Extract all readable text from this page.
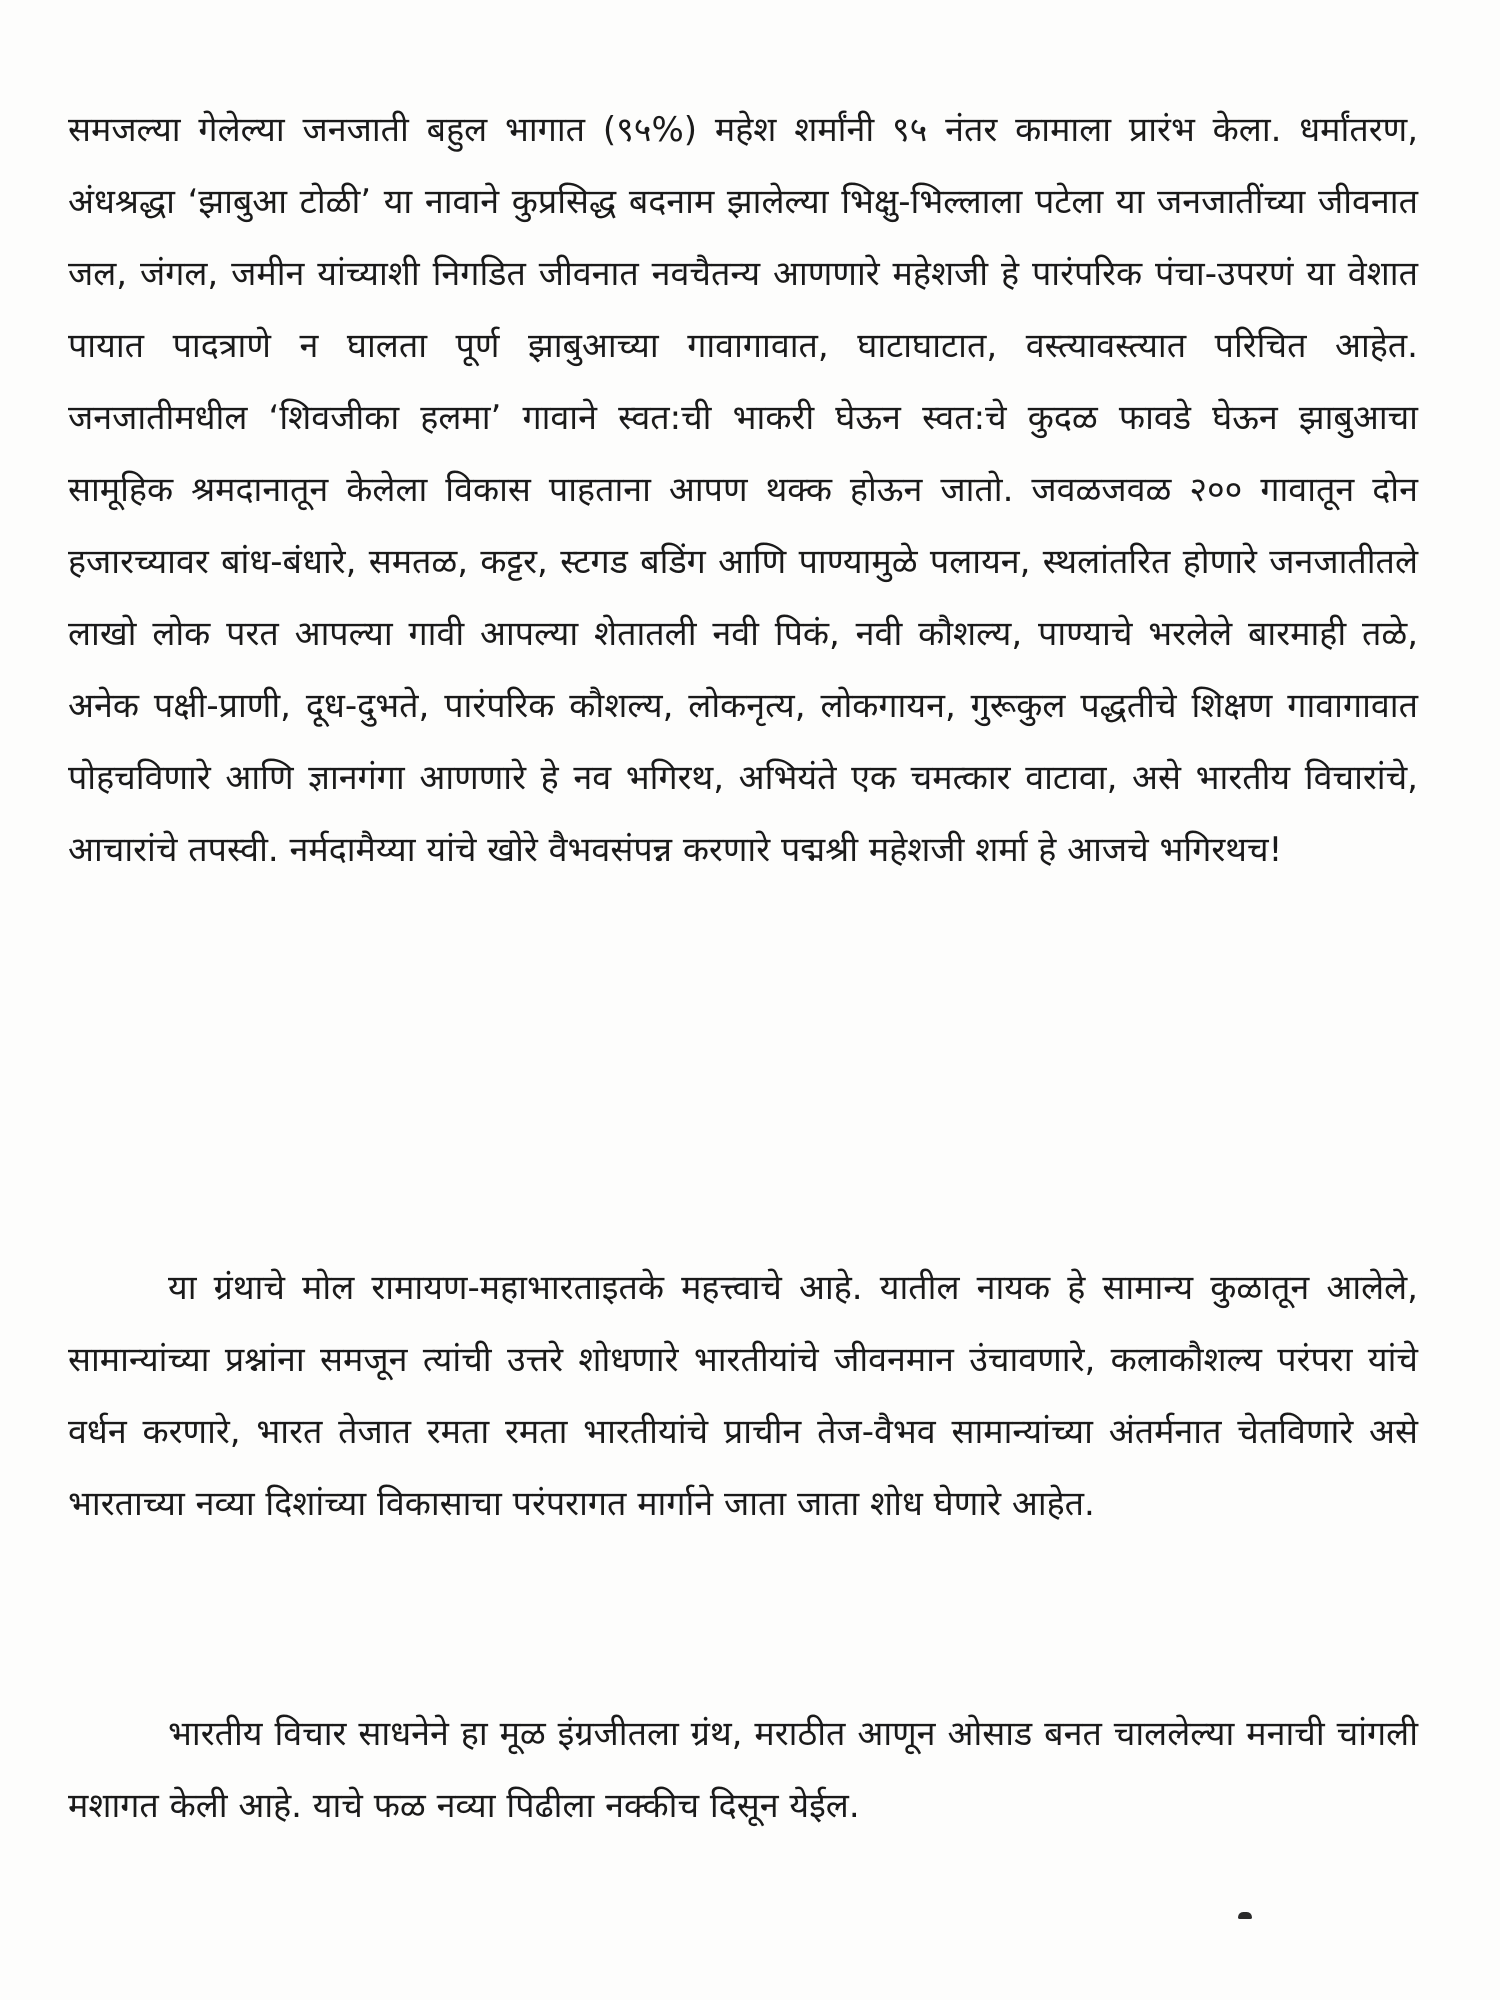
समजल्या गेलेल्या जनजाती बहुल भागात (९५%) महेश शर्मांनी ९५ नंतर कामाला प्रारंभ केला. धर्मांतरण, अंधश्रद्धा ‘झाबुआ टोळी’ या नावाने कुप्रसिद्ध बदनाम झालेल्या भिक्षु-भिल्लाला पटेला या जनजातींच्या जीवनात जल, जंगल, जमीन यांच्याशी निगडित जीवनात नवचैतन्य आणणारे महेशजी हे पारंपरिक पंचा-उपरणं या वेशात पायात पादत्राणे न घालता पूर्ण झाबुआच्या गावागावात, घाटाघाटात, वस्त्यावस्त्यात परिचित आहेत. जनजातीमधील ‘शिवजीका हलमा’ गावाने स्वत:ची भाकरी घेऊन स्वत:चे कुदळ फावडे घेऊन झाबुआचा सामूहिक श्रमदानातून केलेला विकास पाहताना आपण थक्क होऊन जातो. जवळजवळ २०० गावातून दोन हजारच्यावर बांध-बंधारे, समतळ, कट्टर, स्टगड बडिंग आणि पाण्यामुळे पलायन, स्थलांतरित होणारे जनजातीतले लाखो लोक परत आपल्या गावी आपल्या शेतातली नवी पिकं, नवी कौशल्य, पाण्याचे भरलेले बारमाही तळे, अनेक पक्षी-प्राणी, दूध-दुभते, पारंपरिक कौशल्य, लोकनृत्य, लोकगायन, गुरूकुल पद्धतीचे शिक्षण गावागावात पोहचविणारे आणि ज्ञानगंगा आणणारे हे नव भगिरथ, अभियंते एक चमत्कार वाटावा, असे भारतीय विचारांचे, आचारांचे तपस्वी. नर्मदामैय्या यांचे खोरे वैभवसंपन्न करणारे पद्मश्री महेशजी शर्मा हे आजचे भगिरथच!

या ग्रंथाचे मोल रामायण-महाभारताइतके महत्त्वाचे आहे. यातील नायक हे सामान्य कुळातून आलेले, सामान्यांच्या प्रश्नांना समजून त्यांची उत्तरे शोधणारे भारतीयांचे जीवनमान उंचावणारे, कलाकौशल्य परंपरा यांचे वर्धन करणारे, भारत तेजात रमता रमता भारतीयांचे प्राचीन तेज-वैभव सामान्यांच्या अंतर्मनात चेतविणारे असे भारताच्या नव्या दिशांच्या विकासाचा परंपरागत मार्गाने जाता जाता शोध घेणारे आहेत.

भारतीय विचार साधनेने हा मूळ इंग्रजीतला ग्रंथ, मराठीत आणून ओसाड बनत चाललेल्या मनाची चांगली मशागत केली आहे. याचे फळ नव्या पिढीला नक्कीच दिसून येईल.
